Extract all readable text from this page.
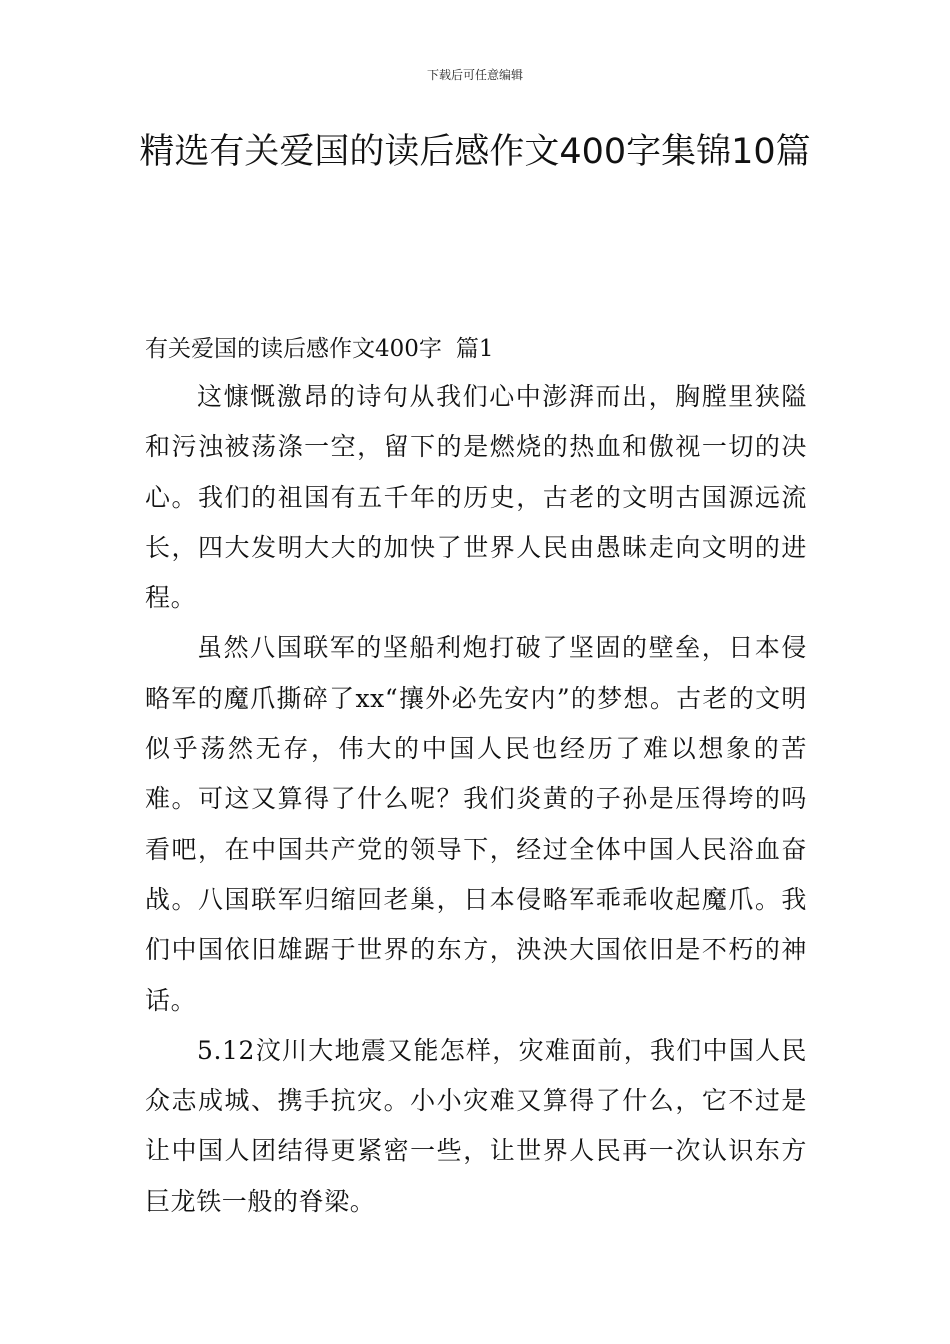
下载后可任意编辑
精选有关爱国的读后感作文400字集锦10篇
有关爱国的读后感作文400字 篇1

这慷慨激昂的诗句从我们心中澎湃而出，胸膛里狭隘和污浊被荡涤一空，留下的是燃烧的热血和傲视一切的决心。我们的祖国有五千年的历史，古老的文明古国源远流长，四大发明大大的加快了世界人民由愚昧走向文明的进程。

虽然八国联军的坚船利炮打破了坚固的壁垒，日本侵略军的魔爪撕碎了xx“攘外必先安内”的梦想。古老的文明似乎荡然无存，伟大的中国人民也经历了难以想象的苦难。可这又算得了什么呢？我们炎黄的子孙是压得垮的吗看吧，在中国共产党的领导下，经过全体中国人民浴血奋战。八国联军归缩回老巢，日本侵略军乖乖收起魔爪。我们中国依旧雄踞于世界的东方，泱泱大国依旧是不朽的神话。

5.12汶川大地震又能怎样，灾难面前，我们中国人民众志成城、携手抗灾。小小灾难又算得了什么，它不过是让中国人团结得更紧密一些，让世界人民再一次认识东方巨龙铁一般的脊梁。
